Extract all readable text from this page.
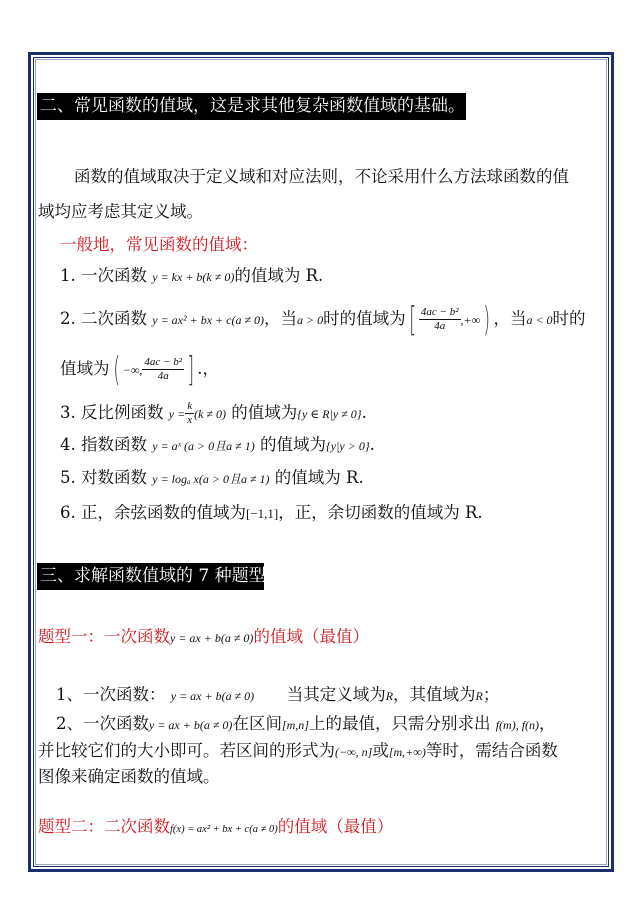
二、常见函数的值域，这是求其他复杂函数值域的基础。
函数的值域取决于定义域和对应法则，不论采用什么方法球函数的值
域均应考虑其定义域。
一般地，常见函数的值域：
1. 一次函数 y = kx + b(k ≠ 0)的值域为 R.
2. 二次函数 y = ax² + bx + c(a ≠ 0)，当a > 0时的值域为[ $\frac{\text{4ac − b²}}{4a}$ ,+∞) ，当a < 0时的
值域为( −∞, $\frac{\text{4ac − b²}}{4a}$ ] .，
3. 反比例函数 $y = \frac{k}{x} (k \ne 0)$ 的值域为{y ∈ R|y ≠ 0}.
4. 指数函数 y = aˣ (a > 0且a ≠ 1) 的值域为{y|y > 0}.
5. 对数函数 y = logₐ x(a > 0且a ≠ 1) 的值域为 R.
6. 正，余弦函数的值域为[−1,1]，正，余切函数的值域为 R.
三、求解函数值域的 7 种题型
题型一：一次函数y = ax + b(a ≠ 0)的值域（最值）
1、一次函数： y = ax + b(a ≠ 0) 当其定义域为R，其值域为R；
2、一次函数y = ax + b(a ≠ 0)在区间[m,n]上的最值，只需分别求出 f(m), f(n)，
并比较它们的大小即可。若区间的形式为(−∞, n]或[m,+∞)等时，需结合函数
图像来确定函数的值域。
题型二：二次函数f(x) = ax² + bx + c(a ≠ 0)的值域（最值）
